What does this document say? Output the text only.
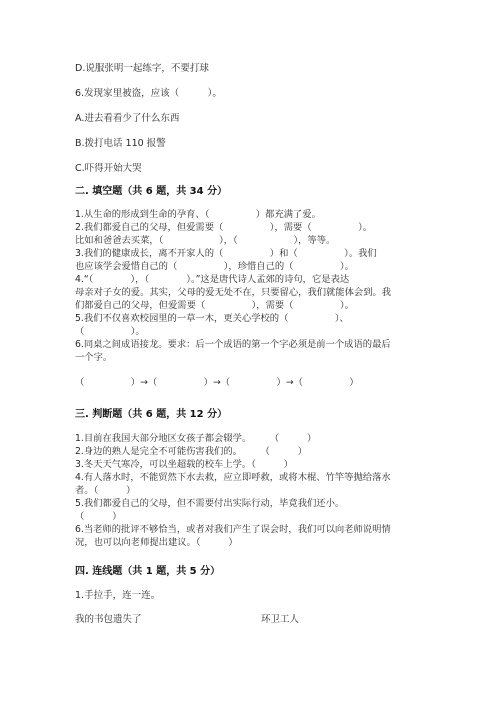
D.说服张明一起练字，不要打球
6.发现家里被盗，应该（　　　）。
A.进去看看少了什么东西
B.拨打电话 110 报警
C.吓得开始大哭
二. 填空题（共 6 题，共 34 分）
1.从生命的形成到生命的孕育、（　　　　　）都充满了爱。
2.我们都爱自己的父母，但爱需要（　　　　　），需要（　　　　　）。
比如和爸爸去买菜，（　　　　　　），（　　　　　　），等等。
3.我们的健康成长，离不开家人的（　　　　　）和（　　　　　）。我们
也应该学会爱惜自己的（　　　　　），珍惜自己的（　　　　　）。
4.“（　　　　），（　　　　）。”这是唐代诗人孟郊的诗句，它是表达
母亲对子女的爱。其实，父母的爱无处不在，只要留心，我们就能体会到。我
们都爱自己的父母，但爱需要（　　　　　），需要（　　　　　）。
5.我们不仅喜欢校园里的一草一木，更关心学校的（　　　　　）、
（　　　　　）。
6.同桌之间成语接龙。要求：后一个成语的第一个字必须是前一个成语的最后
一个字。
（　　　　　）→（　　　　　）→（　　　　　）→（　　　　　）
三. 判断题（共 6 题，共 12 分）
1.目前在我国大部分地区女孩子都会辍学。　　　（　　　）
2.身边的熟人是完全不可能伤害我们的。　　　（　　　）
3.冬天天气寒冷，可以坐超载的校车上学。（　　　）
4.有人落水时，不能贸然下水去救，应立即呼救，或将木棍、竹竿等抛给落水
者。（　　　）
5.我们都爱自己的父母，但不需要付出实际行动，毕竟我们还小。
（　　　）
6.当老师的批评不够恰当，或者对我们产生了误会时，我们可以向老师说明情
况，也可以向老师提出建议。（　　　）
四. 连线题（共 1 题，共 5 分）
1.手拉手，连一连。
我的书包遗失了	环卫工人
